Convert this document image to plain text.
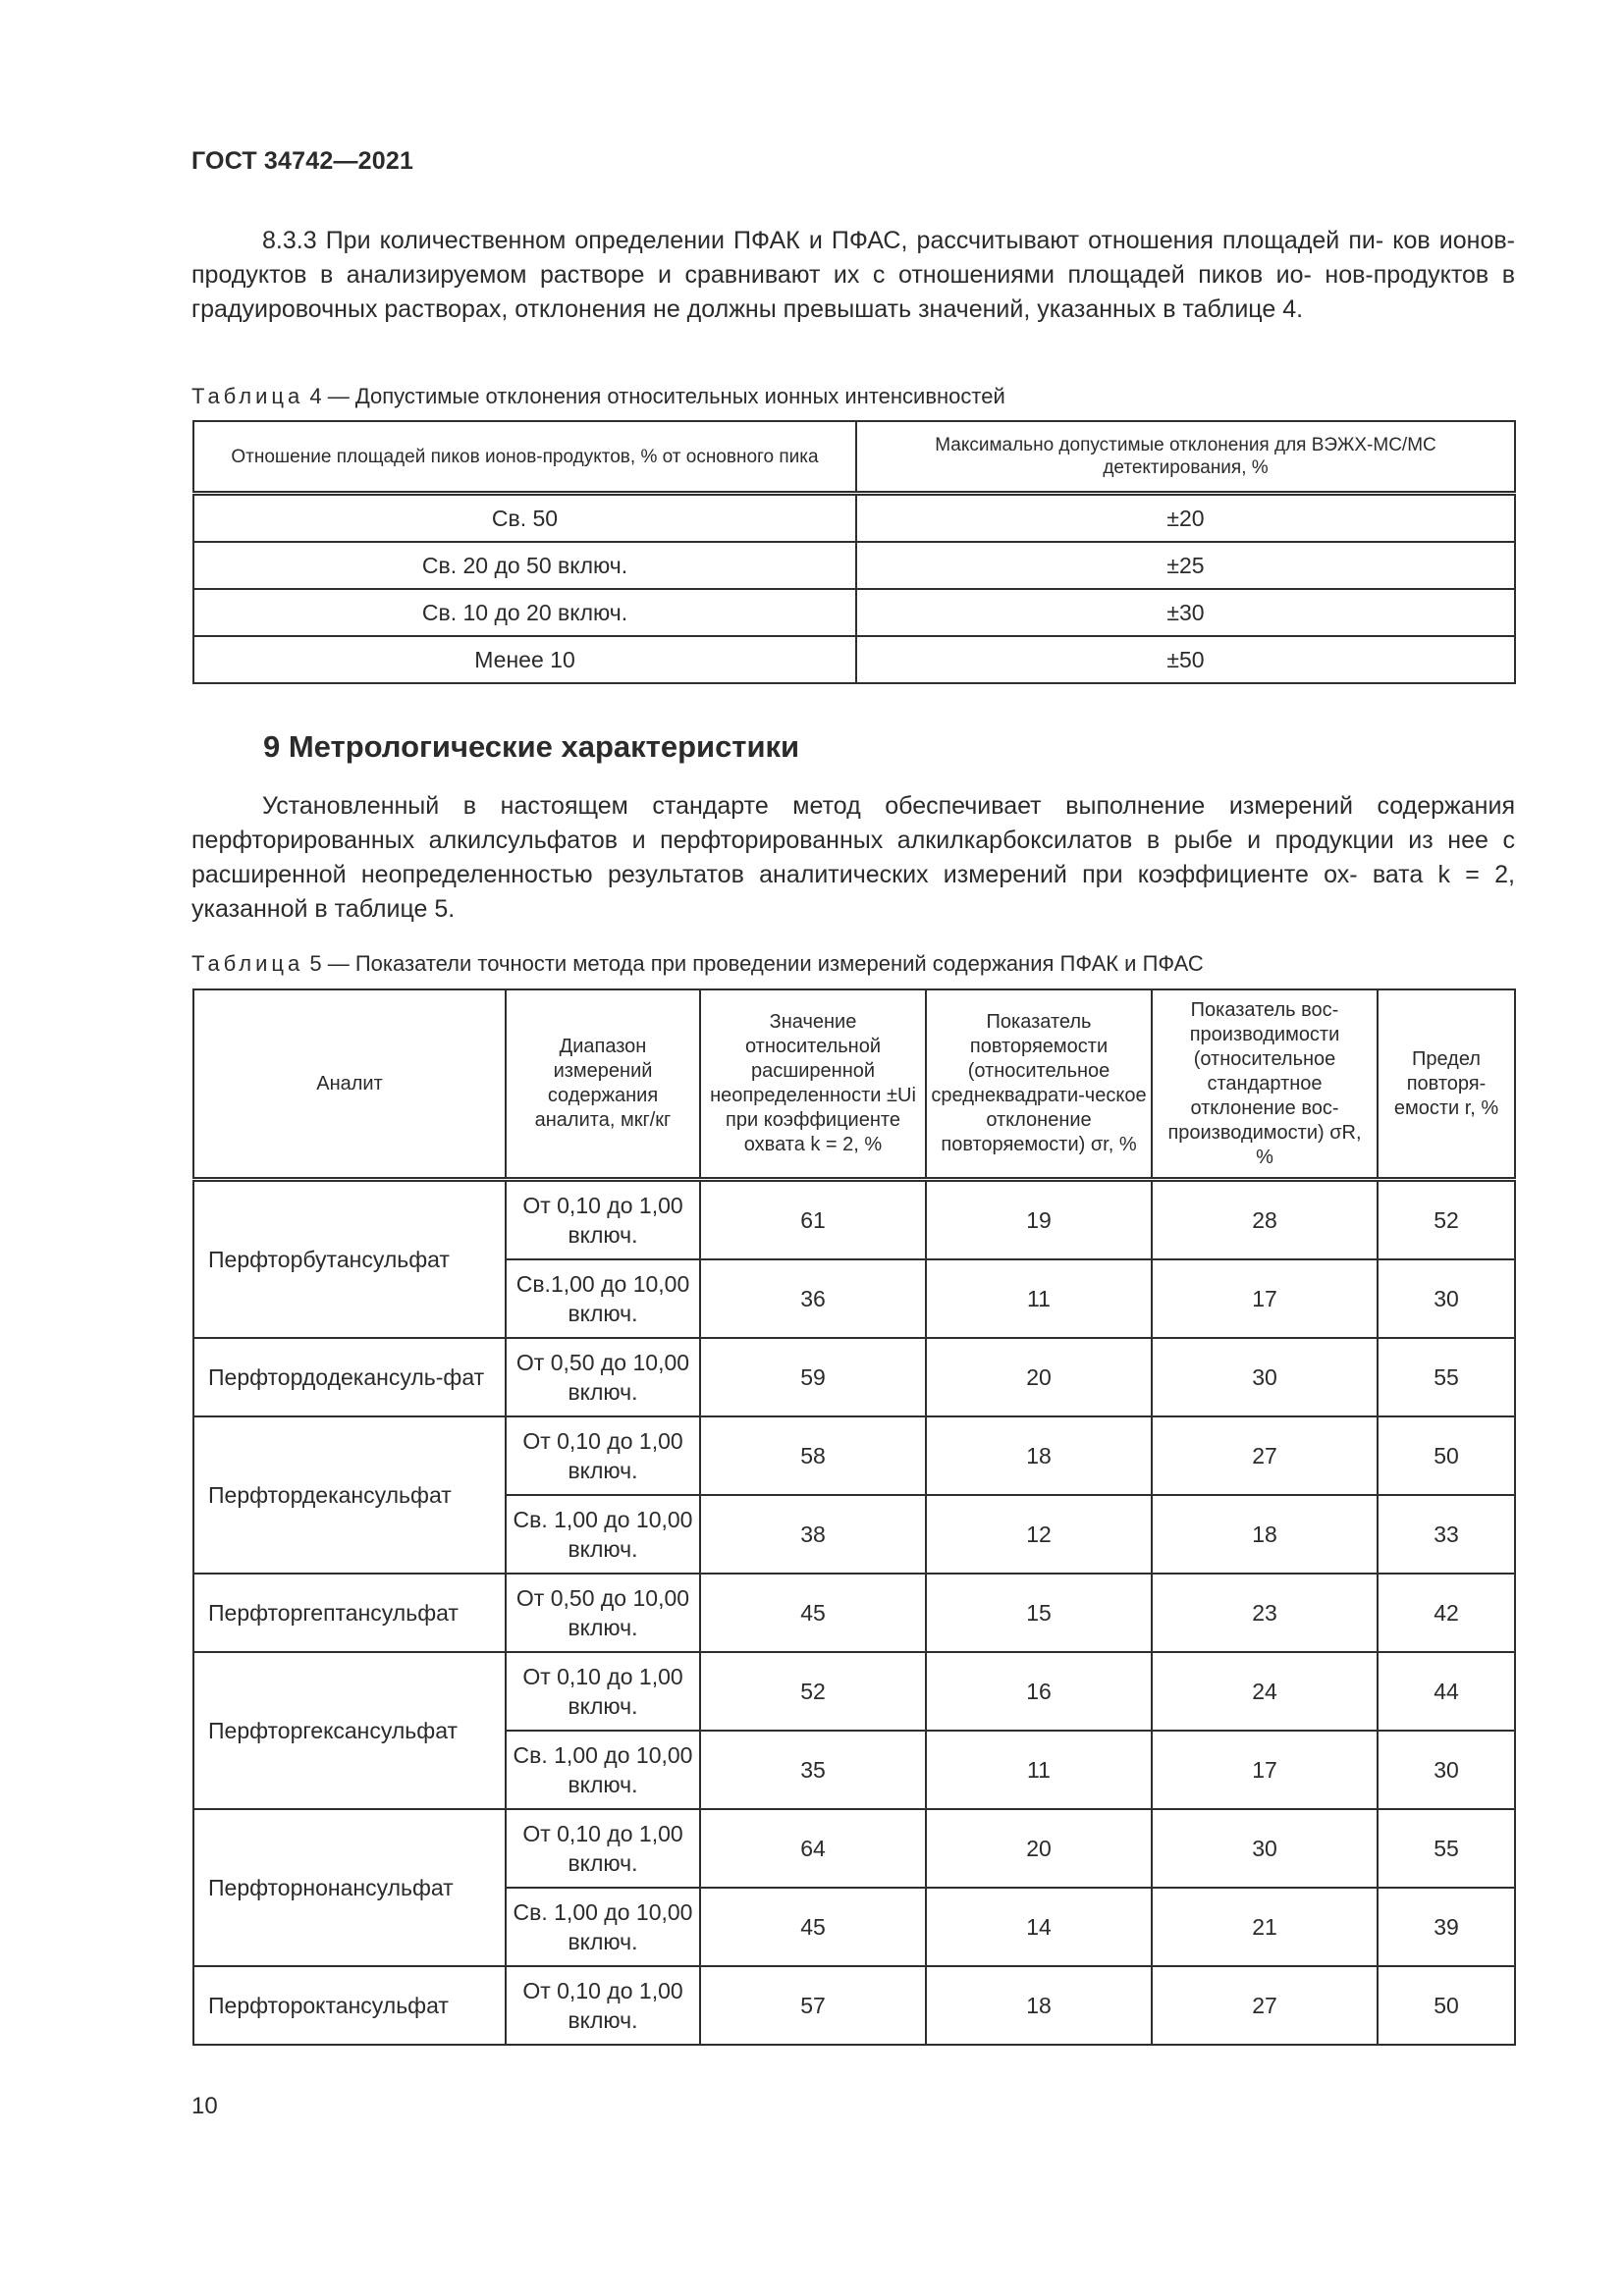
ГОСТ 34742—2021
8.3.3 При количественном определении ПФАК и ПФАС, рассчитывают отношения площадей пи- ков ионов-продуктов в анализируемом растворе и сравнивают их с отношениями площадей пиков ио- нов-продуктов в градуировочных растворах, отклонения не должны превышать значений, указанных в таблице 4.
Таблица 4 — Допустимые отклонения относительных ионных интенсивностей
Отношение площадей пиков ионов-продуктов, % от основного пика	Максимально допустимые отклонения для ВЭЖХ-МС/МС детектирования, %
Св. 50	±20
Св. 20 до 50 включ.	±25
Св. 10 до 20 включ.	±30
Менее 10	±50
9 Метрологические характеристики
Установленный в настоящем стандарте метод обеспечивает выполнение измерений содержания перфторированных алкилсульфатов и перфторированных алкилкарбоксилатов в рыбе и продукции из нее с расширенной неопределенностью результатов аналитических измерений при коэффициенте ох- вата k = 2, указанной в таблице 5.
Таблица 5 — Показатели точности метода при проведении измерений содержания ПФАК и ПФАС
Аналит	Диапазон измерений содержания аналита, мкг/кг	Значение относительной расширенной неопределенности ±Ui при коэффициенте охвата k = 2, %	Показатель повторяемости (относительное среднеквадрати-ческое отклонение повторяемости) σr, %	Показатель вос-производимости (относительное стандартное отклонение вос-производимости) σR, %	Предел повторя-емости r, %
Перфторбутансульфат	От 0,10 до 1,00 включ.	61	19	28	52
	Св.1,00 до 10,00 включ.	36	11	17	30
Перфтордодекансуль-фат	От 0,50 до 10,00 включ.	59	20	30	55
Перфтордекансульфат	От 0,10 до 1,00 включ.	58	18	27	50
	Св. 1,00 до 10,00 включ.	38	12	18	33
Перфторгептансульфат	От 0,50 до 10,00 включ.	45	15	23	42
Перфторгексансульфат	От 0,10 до 1,00 включ.	52	16	24	44
	Св. 1,00 до 10,00 включ.	35	11	17	30
Перфторнонансульфат	От 0,10 до 1,00 включ.	64	20	30	55
	Св. 1,00 до 10,00 включ.	45	14	21	39
Перфтороктансульфат	От 0,10 до 1,00 включ.	57	18	27	50
10
